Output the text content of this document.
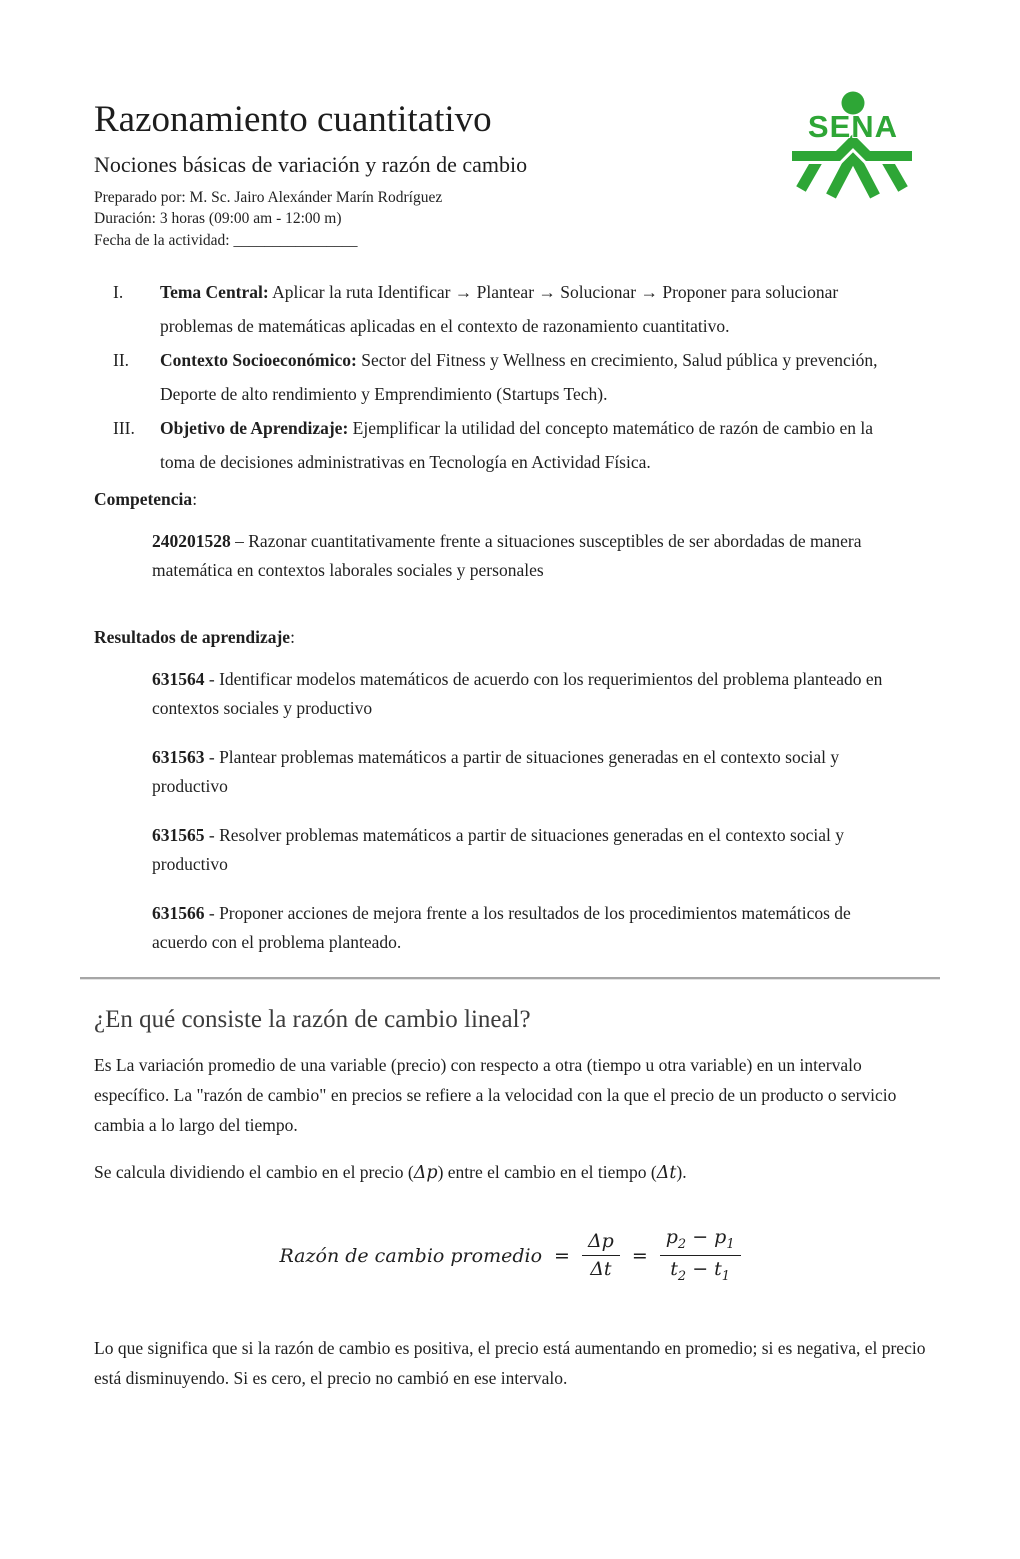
Razonamiento cuantitativo
Nociones básicas de variación y razón de cambio
Preparado por: M. Sc. Jairo Alexánder Marín Rodríguez
Duración: 3 horas (09:00 am - 12:00 m)
Fecha de la actividad: ________________
SENA
I.	Tema Central: Aplicar la ruta Identificar → Plantear → Solucionar → Proponer para solucionar problemas de matemáticas aplicadas en el contexto de razonamiento cuantitativo.
II.	Contexto Socioeconómico: Sector del Fitness y Wellness en crecimiento, Salud pública y prevención, Deporte de alto rendimiento y Emprendimiento (Startups Tech).
III.	Objetivo de Aprendizaje: Ejemplificar la utilidad del concepto matemático de razón de cambio en la toma de decisiones administrativas en Tecnología en Actividad Física.
Competencia:

240201528 – Razonar cuantitativamente frente a situaciones susceptibles de ser abordadas de manera matemática en contextos laborales sociales y personales

Resultados de aprendizaje:

631564 - Identificar modelos matemáticos de acuerdo con los requerimientos del problema planteado en contextos sociales y productivo

631563 - Plantear problemas matemáticos a partir de situaciones generadas en el contexto social y productivo

631565 - Resolver problemas matemáticos a partir de situaciones generadas en el contexto social y productivo

631566 - Proponer acciones de mejora frente a los resultados de los procedimientos matemáticos de acuerdo con el problema planteado.

¿En qué consiste la razón de cambio lineal?

Es La variación promedio de una variable (precio) con respecto a otra (tiempo u otra variable) en un intervalo específico. La "razón de cambio" en precios se refiere a la velocidad con la que el precio de un producto o servicio cambia a lo largo del tiempo.

Se calcula dividiendo el cambio en el precio (Δp) entre el cambio en el tiempo (Δt).

Razón de cambio promedio = $\frac{\Delta p}{\Delta t} = \frac{p_2 - p_1}{t_2 - t_1}$

Lo que significa que si la razón de cambio es positiva, el precio está aumentando en promedio; si es negativa, el precio está disminuyendo. Si es cero, el precio no cambió en ese intervalo.
